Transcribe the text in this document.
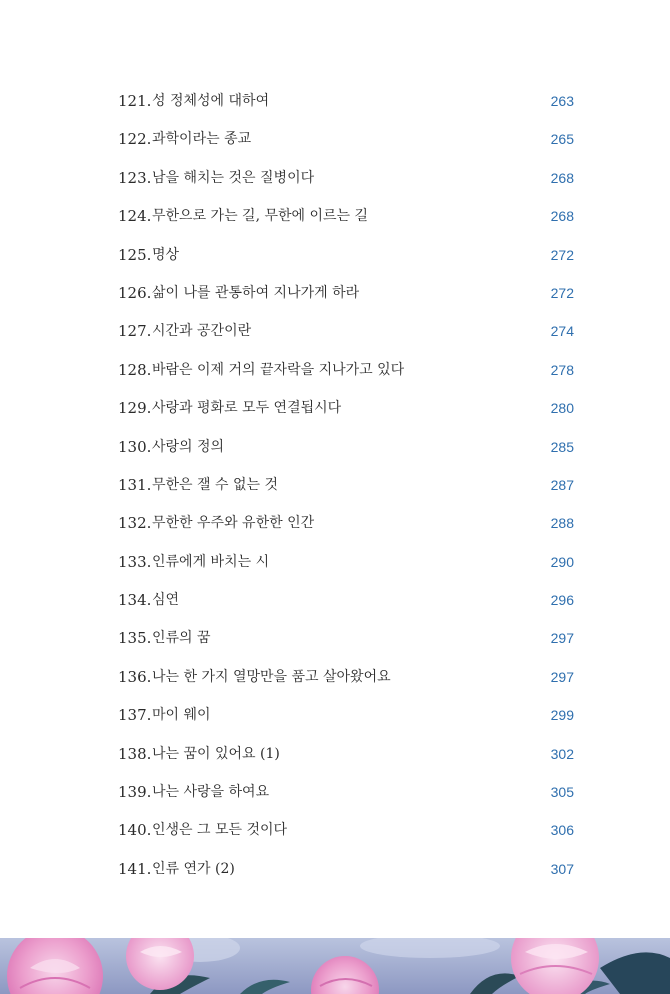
121. 성 정체성에 대하여	263
122. 과학이라는 종교	265
123. 남을 해치는 것은 질병이다	268
124. 무한으로 가는 길, 무한에 이르는 길	268
125. 명상	272
126. 삶이 나를 관통하여 지나가게 하라	272
127. 시간과 공간이란	274
128. 바람은 이제 거의 끝자락을 지나가고 있다	278
129. 사랑과 평화로 모두 연결됩시다	280
130. 사랑의 정의	285
131. 무한은 잴 수 없는 것	287
132. 무한한 우주와 유한한 인간	288
133. 인류에게 바치는 시	290
134. 심연	296
135. 인류의 꿈	297
136. 나는 한 가지 열망만을 품고 살아왔어요	297
137. 마이 웨이	299
138. 나는 꿈이 있어요 (1)	302
139. 나는 사랑을 하여요	305
140. 인생은 그 모든 것이다	306
141. 인류 연가 (2)	307
